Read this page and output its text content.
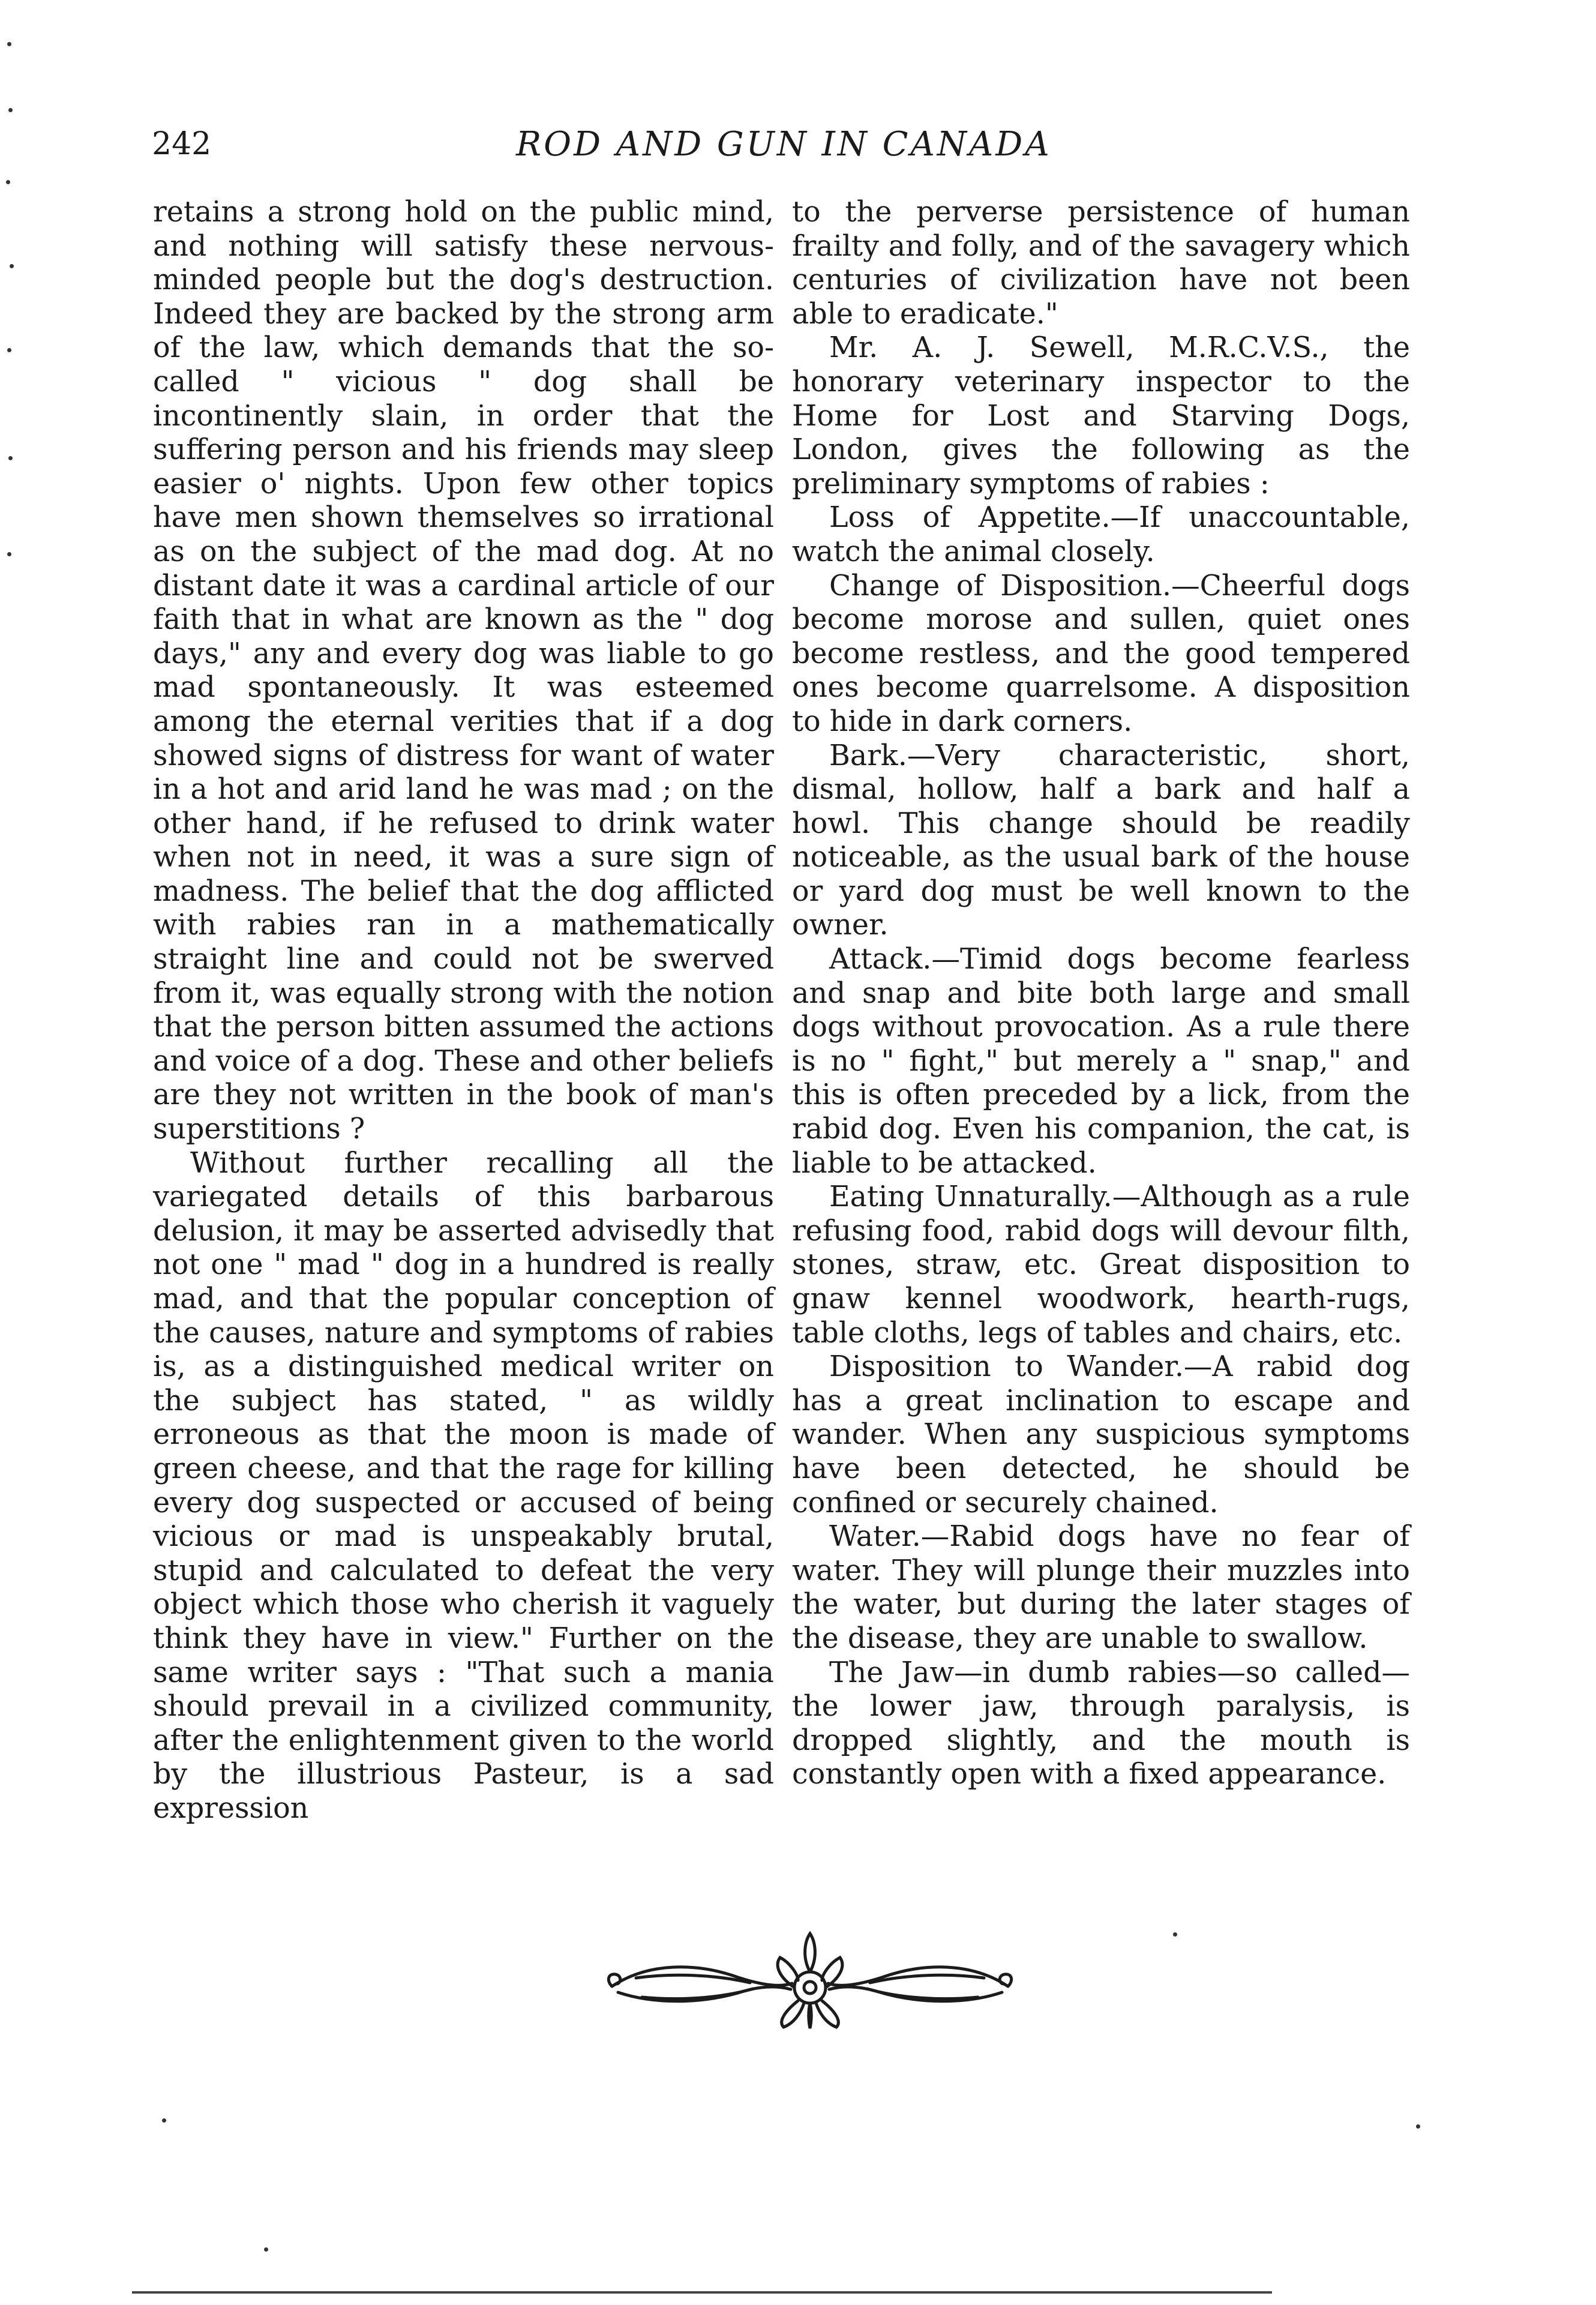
242	ROD AND GUN IN CANADA

retains a strong hold on the public mind, and nothing will satisfy these nervous-minded people but the dog's destruction. Indeed they are backed by the strong arm of the law, which demands that the so-called " vicious " dog shall be incontinently slain, in order that the suffering person and his friends may sleep easier o' nights. Upon few other topics have men shown themselves so irrational as on the subject of the mad dog. At no distant date it was a cardinal article of our faith that in what are known as the " dog days," any and every dog was liable to go mad spontaneously. It was esteemed among the eternal verities that if a dog showed signs of distress for want of water in a hot and arid land he was mad ; on the other hand, if he refused to drink water when not in need, it was a sure sign of madness. The belief that the dog afflicted with rabies ran in a mathematically straight line and could not be swerved from it, was equally strong with the notion that the person bitten assumed the actions and voice of a dog. These and other beliefs are they not written in the book of man's superstitions ?

Without further recalling all the variegated details of this barbarous delusion, it may be asserted advisedly that not one " mad " dog in a hundred is really mad, and that the popular conception of the causes, nature and symptoms of rabies is, as a distinguished medical writer on the subject has stated, " as wildly erroneous as that the moon is made of green cheese, and that the rage for killing every dog suspected or accused of being vicious or mad is unspeakably brutal, stupid and calculated to defeat the very object which those who cherish it vaguely think they have in view." Further on the same writer says : "That such a mania should prevail in a civilized community, after the enlightenment given to the world by the illustrious Pasteur, is a sad expression

to the perverse persistence of human frailty and folly, and of the savagery which centuries of civilization have not been able to eradicate."

Mr. A. J. Sewell, M.R.C.V.S., the honorary veterinary inspector to the Home for Lost and Starving Dogs, London, gives the following as the preliminary symptoms of rabies :

Loss of Appetite.—If unaccountable, watch the animal closely.

Change of Disposition.—Cheerful dogs become morose and sullen, quiet ones become restless, and the good tempered ones become quarrelsome. A disposition to hide in dark corners.

Bark.—Very characteristic, short, dismal, hollow, half a bark and half a howl. This change should be readily noticeable, as the usual bark of the house or yard dog must be well known to the owner.

Attack.—Timid dogs become fearless and snap and bite both large and small dogs without provocation. As a rule there is no " fight," but merely a " snap," and this is often preceded by a lick, from the rabid dog. Even his companion, the cat, is liable to be attacked.

Eating Unnaturally.—Although as a rule refusing food, rabid dogs will devour filth, stones, straw, etc. Great disposition to gnaw kennel woodwork, hearth-rugs, table cloths, legs of tables and chairs, etc.

Disposition to Wander.—A rabid dog has a great inclination to escape and wander. When any suspicious symptoms have been detected, he should be confined or securely chained.

Water.—Rabid dogs have no fear of water. They will plunge their muzzles into the water, but during the later stages of the disease, they are unable to swallow.

The Jaw—in dumb rabies—so called—the lower jaw, through paralysis, is dropped slightly, and the mouth is constantly open with a fixed appearance.
